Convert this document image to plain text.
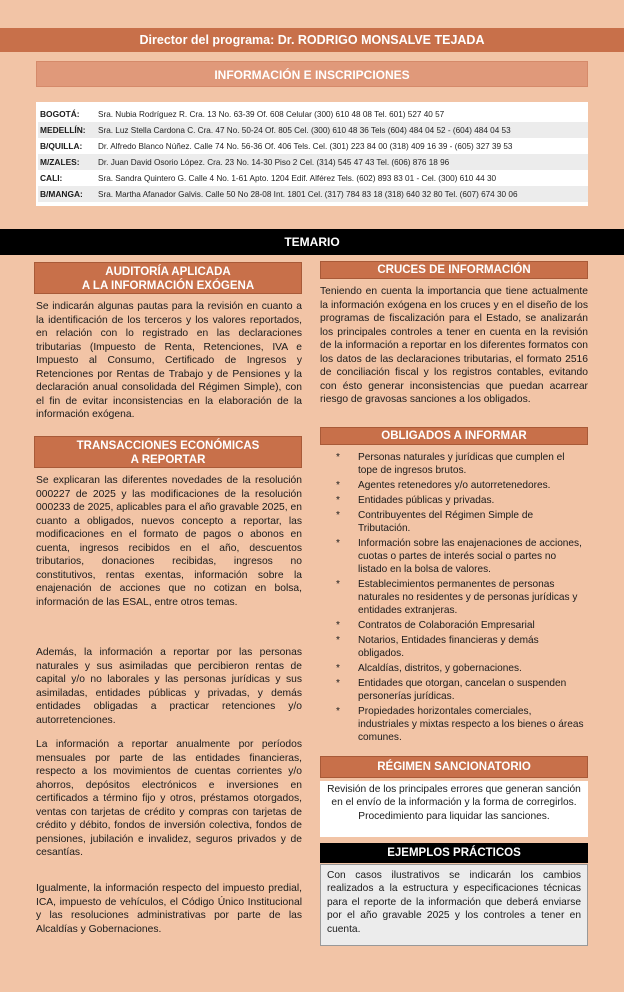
Director del programa: Dr. RODRIGO MONSALVE TEJADA
INFORMACIÓN E INSCRIPCIONES
BOGOTÁ:	Sra. Nubia Rodríguez R. Cra. 13 No. 63-39 Of. 608 Celular (300) 610 48 08 Tel. 601) 527 40 57
MEDELLÍN:	Sra. Luz Stella Cardona C. Cra. 47 No. 50-24 Of. 805 Cel. (300) 610 48 36 Tels (604) 484 04 52 - (604) 484 04 53
B/QUILLA:	Dr. Alfredo Blanco Núñez. Calle 74 No. 56-36 Of. 406 Tels. Cel. (301) 223 84 00 (318) 409 16 39 - (605) 327 39 53
M/ZALES:	Dr. Juan David Osorio López. Cra. 23 No. 14-30 Piso 2 Cel. (314) 545 47 43 Tel. (606) 876 18 96
CALI:	Sra. Sandra Quintero G. Calle 4 No. 1-61 Apto. 1204 Edif. Alférez Tels. (602) 893 83 01 - Cel. (300) 610 44 30
B/MANGA:	Sra. Martha Afanador Galvis. Calle 50 No 28-08 Int. 1801 Cel. (317) 784 83 18 (318) 640 32 80 Tel. (607) 674 30 06
TEMARIO
AUDITORÍA APLICADA
A LA INFORMACIÓN EXÓGENA
Se indicarán algunas pautas para la revisión en cuanto a la identificación de los terceros y los valores reportados, en relación con lo registrado en las declaraciones tributarias (Impuesto de Renta, Retenciones, IVA e Impuesto al Consumo, Certificado de Ingresos y Retenciones por Rentas de Trabajo y de Pensiones y la declaración anual consolidada del Régimen Simple), con el fin de evitar inconsistencias en la elaboración de la información exógena.
TRANSACCIONES ECONÓMICAS
A REPORTAR
Se explicaran las diferentes novedades de la resolución 000227 de 2025 y las modificaciones de la resolución 000233 de 2025, aplicables para el año gravable 2025, en cuanto a obligados, nuevos concepto a reportar, las modificaciones en el formato de pagos o abonos en cuenta, ingresos recibidos en el año, descuentos tributarios, donaciones recibidas, ingresos no constitutivos, rentas exentas, información sobre la enajenación de acciones que no cotizan en bolsa, información de las ESAL, entre otros temas.
Además, la información a reportar por las personas naturales y sus asimiladas que percibieron rentas de capital y/o no laborales y las personas jurídicas y sus asimiladas, entidades públicas y privadas, y demás entidades obligadas a practicar retenciones y/o autorretenciones.
La información a reportar anualmente por períodos mensuales por parte de las entidades financieras, respecto a los movimientos de cuentas corrientes y/o ahorros, depósitos electrónicos e inversiones en certificados a término fijo y otros, préstamos otorgados, ventas con tarjetas de crédito y compras con tarjetas de crédito y débito, fondos de inversión colectiva, fondos de pensiones, jubilación e invalidez, seguros privados y de cesantías.
Igualmente, la información respecto del impuesto predial, ICA, impuesto de vehículos, el Código Único Institucional y las resoluciones administrativas por parte de las Alcaldías y Gobernaciones.
CRUCES DE INFORMACIÓN
Teniendo en cuenta la importancia que tiene actualmente la información exógena en los cruces y en el diseño de los programas de fiscalización para el Estado, se analizarán los principales controles a tener en cuenta en la revisión de la información a reportar en los diferentes formatos con los datos de las declaraciones tributarias, el formato 2516 de conciliación fiscal y los registros contables, evitando con ésto generar inconsistencias que puedan acarrear riesgo de gravosas sanciones a los obligados.
OBLIGADOS A INFORMAR
* Personas naturales y jurídicas que cumplen el tope de ingresos brutos.
* Agentes retenedores y/o autorretenedores.
* Entidades públicas y privadas.
* Contribuyentes del Régimen Simple de Tributación.
* Información sobre las enajenaciones de acciones, cuotas o partes de interés social o partes no listado en la bolsa de valores.
* Establecimientos permanentes de personas naturales no residentes y de personas jurídicas y entidades extranjeras.
* Contratos de Colaboración Empresarial
* Notarios, Entidades financieras y demás obligados.
* Alcaldías, distritos, y gobernaciones.
* Entidades que otorgan, cancelan o suspenden personerías jurídicas.
* Propiedades horizontales comerciales, industriales y mixtas respecto a los bienes o áreas comunes.
RÉGIMEN SANCIONATORIO
Revisión de los principales errores que generan sanción en el envío de la información y la forma de corregirlos. Procedimiento para liquidar las sanciones.
EJEMPLOS PRÁCTICOS
Con casos ilustrativos se indicarán los cambios realizados a la estructura y especificaciones técnicas para el reporte de la información que deberá enviarse por el año gravable 2025 y los controles a tener en cuenta.
